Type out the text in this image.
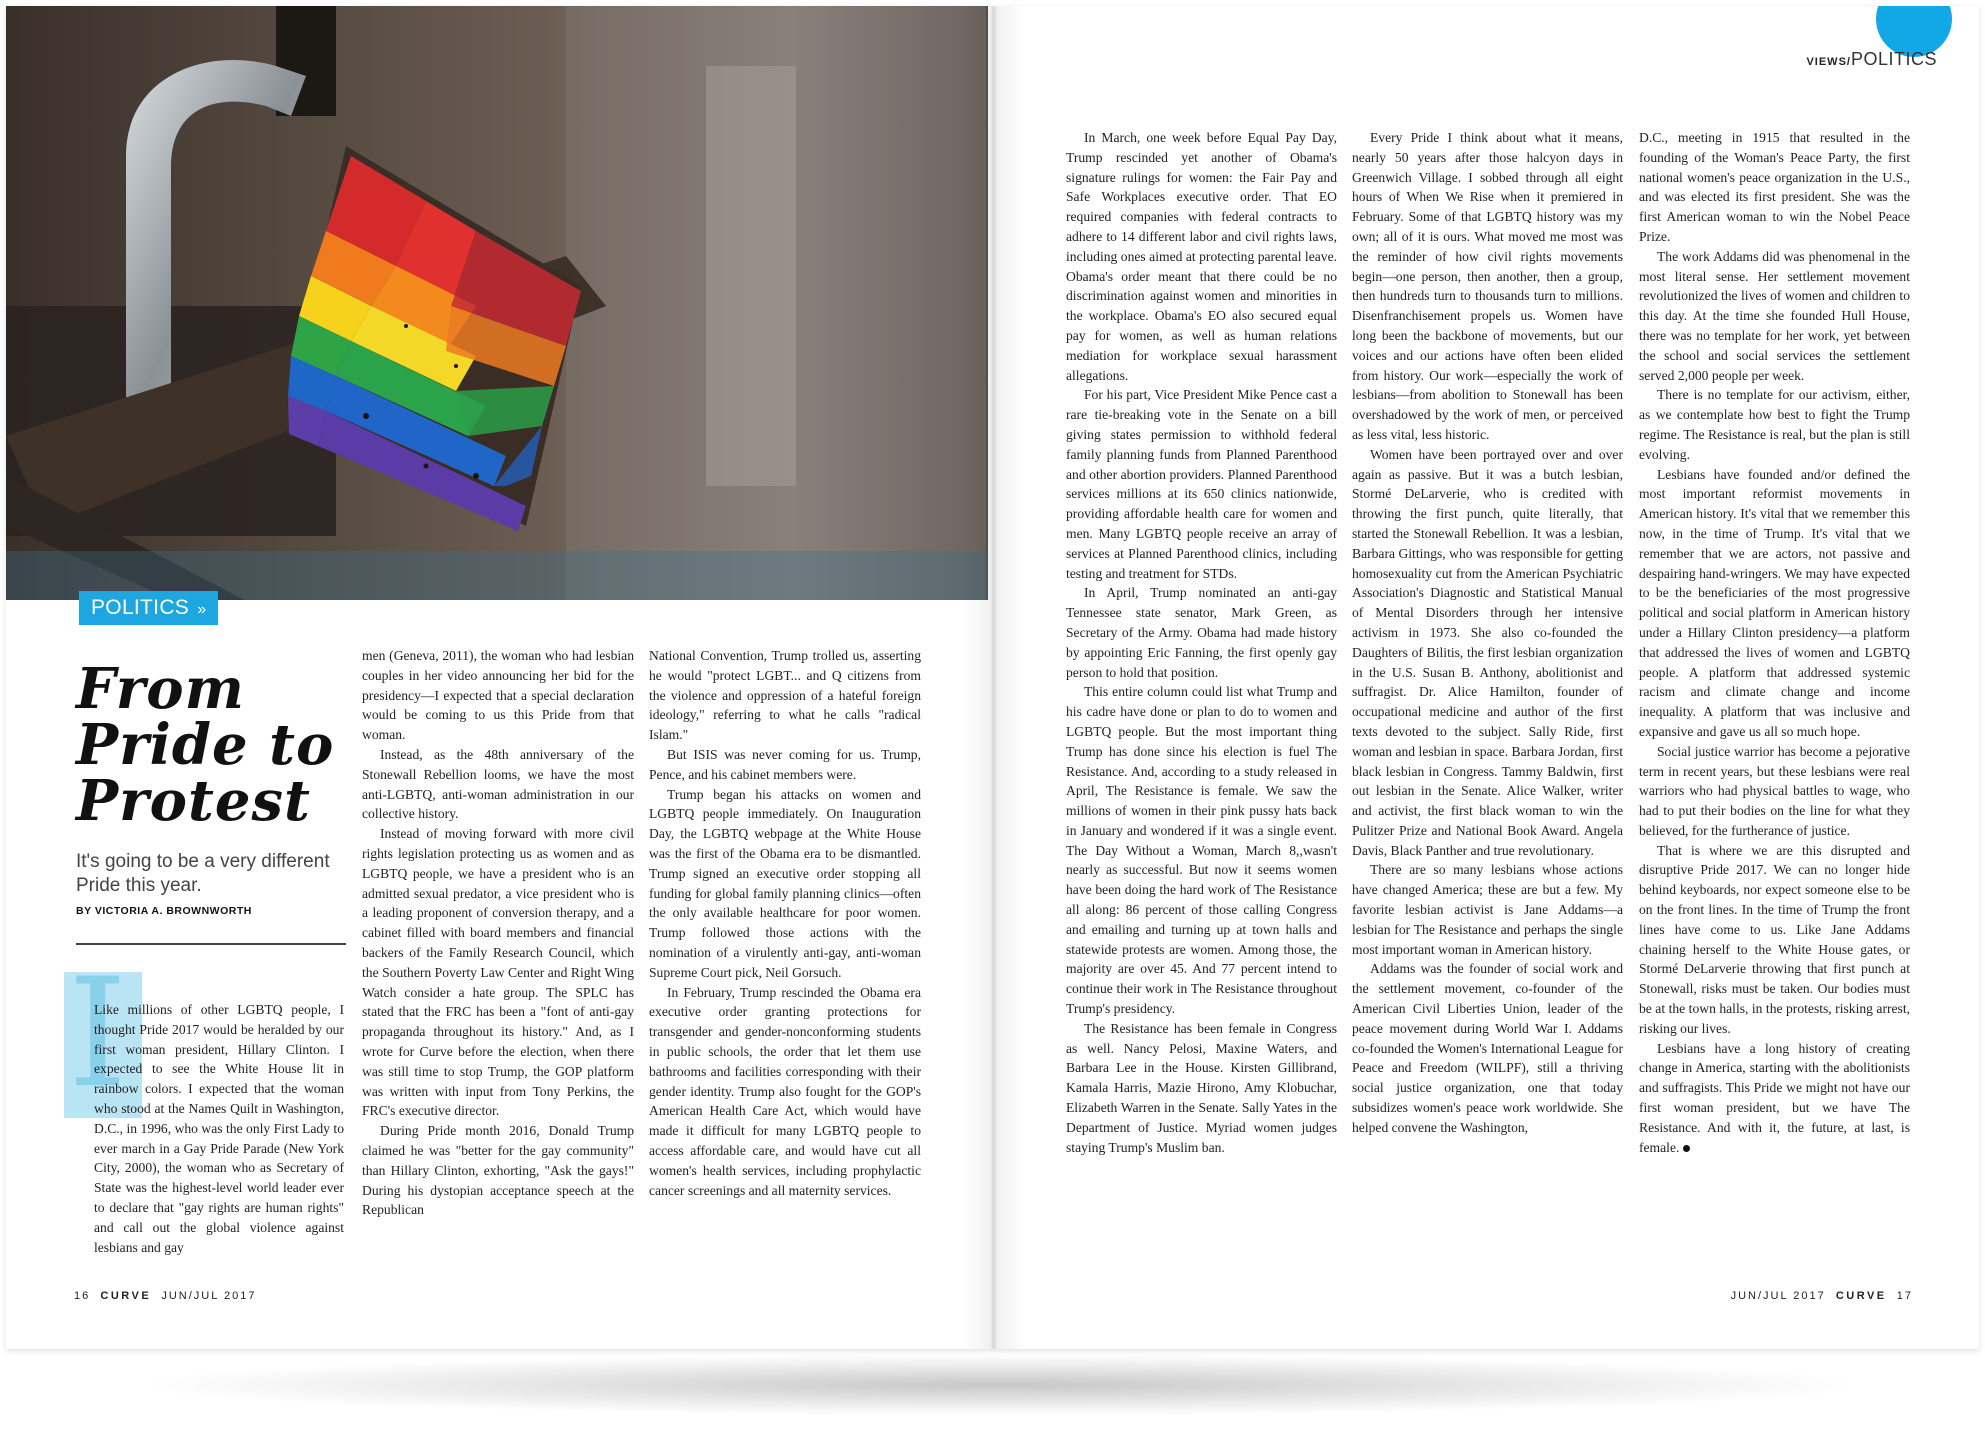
POLITICS »
From
Pride to
Protest
It's going to be a very different Pride this year.
BY VICTORIA A. BROWNWORTH
I

Like millions of other LGBTQ people, I thought Pride 2017 would be heralded by our first woman president, Hillary Clinton. I expected to see the White House lit in rainbow colors. I expected that the woman who stood at the Names Quilt in Washington, D.C., in 1996, who was the only First Lady to ever march in a Gay Pride Parade (New York City, 2000), the woman who as Secretary of State was the highest-level world leader ever to declare that "gay rights are human rights" and call out the global violence against lesbians and gay

men (Geneva, 2011), the woman who had lesbian couples in her video announcing her bid for the presidency—I expected that a special declaration would be coming to us this Pride from that woman.

Instead, as the 48th anniversary of the Stonewall Rebellion looms, we have the most anti-LGBTQ, anti-woman administration in our collective history.

Instead of moving forward with more civil rights legislation protecting us as women and as LGBTQ people, we have a president who is an admitted sexual predator, a vice president who is a leading proponent of conversion therapy, and a cabinet filled with board members and financial backers of the Family Research Council, which the Southern Poverty Law Center and Right Wing Watch consider a hate group. The SPLC has stated that the FRC has been a "font of anti-gay propaganda throughout its history." And, as I wrote for Curve before the election, when there was still time to stop Trump, the GOP platform was written with input from Tony Perkins, the FRC's executive director.

During Pride month 2016, Donald Trump claimed he was "better for the gay community" than Hillary Clinton, exhorting, "Ask the gays!" During his dystopian acceptance speech at the Republican

National Convention, Trump trolled us, asserting he would "protect LGBT... and Q citizens from the violence and oppression of a hateful foreign ideology," referring to what he calls "radical Islam."

But ISIS was never coming for us. Trump, Pence, and his cabinet members were.

Trump began his attacks on women and LGBTQ people immediately. On Inauguration Day, the LGBTQ webpage at the White House was the first of the Obama era to be dismantled. Trump signed an executive order stopping all funding for global family planning clinics—often the only available healthcare for poor women. Trump followed those actions with the nomination of a virulently anti-gay, anti-woman Supreme Court pick, Neil Gorsuch.

In February, Trump rescinded the Obama era executive order granting protections for transgender and gender-nonconforming students in public schools, the order that let them use bathrooms and facilities corresponding with their gender identity. Trump also fought for the GOP's American Health Care Act, which would have made it difficult for many LGBTQ people to access affordable care, and would have cut all women's health services, including prophylactic cancer screenings and all maternity services.

16 CURVE JUN/JUL 2017
VIEWS/POLITICS

In March, one week before Equal Pay Day, Trump rescinded yet another of Obama's signature rulings for women: the Fair Pay and Safe Workplaces executive order. That EO required companies with federal contracts to adhere to 14 different labor and civil rights laws, including ones aimed at protecting parental leave. Obama's order meant that there could be no discrimination against women and minorities in the workplace. Obama's EO also secured equal pay for women, as well as human relations mediation for workplace sexual harassment allegations.

For his part, Vice President Mike Pence cast a rare tie-breaking vote in the Senate on a bill giving states permission to withhold federal family planning funds from Planned Parenthood and other abortion providers. Planned Parenthood services millions at its 650 clinics nationwide, providing affordable health care for women and men. Many LGBTQ people receive an array of services at Planned Parenthood clinics, including testing and treatment for STDs.

In April, Trump nominated an anti-gay Tennessee state senator, Mark Green, as Secretary of the Army. Obama had made history by appointing Eric Fanning, the first openly gay person to hold that position.

This entire column could list what Trump and his cadre have done or plan to do to women and LGBTQ people. But the most important thing Trump has done since his election is fuel The Resistance. And, according to a study released in April, The Resistance is female. We saw the millions of women in their pink pussy hats back in January and wondered if it was a single event. The Day Without a Woman, March 8,,wasn't nearly as successful. But now it seems women have been doing the hard work of The Resistance all along: 86 percent of those calling Congress and emailing and turning up at town halls and statewide protests are women. Among those, the majority are over 45. And 77 percent intend to continue their work in The Resistance throughout Trump's presidency.

The Resistance has been female in Congress as well. Nancy Pelosi, Maxine Waters, and Barbara Lee in the House. Kirsten Gillibrand, Kamala Harris, Mazie Hirono, Amy Klobuchar, Elizabeth Warren in the Senate. Sally Yates in the Department of Justice. Myriad women judges staying Trump's Muslim ban.

Every Pride I think about what it means, nearly 50 years after those halcyon days in Greenwich Village. I sobbed through all eight hours of When We Rise when it premiered in February. Some of that LGBTQ history was my own; all of it is ours. What moved me most was the reminder of how civil rights movements begin—one person, then another, then a group, then hundreds turn to thousands turn to millions. Disenfranchisement propels us. Women have long been the backbone of movements, but our voices and our actions have often been elided from history. Our work—especially the work of lesbians—from abolition to Stonewall has been overshadowed by the work of men, or perceived as less vital, less historic.

Women have been portrayed over and over again as passive. But it was a butch lesbian, Stormé DeLarverie, who is credited with throwing the first punch, quite literally, that started the Stonewall Rebellion. It was a lesbian, Barbara Gittings, who was responsible for getting homosexuality cut from the American Psychiatric Association's Diagnostic and Statistical Manual of Mental Disorders through her intensive activism in 1973. She also co-founded the Daughters of Bilitis, the first lesbian organization in the U.S. Susan B. Anthony, abolitionist and suffragist. Dr. Alice Hamilton, founder of occupational medicine and author of the first texts devoted to the subject. Sally Ride, first woman and lesbian in space. Barbara Jordan, first black lesbian in Congress. Tammy Baldwin, first out lesbian in the Senate. Alice Walker, writer and activist, the first black woman to win the Pulitzer Prize and National Book Award. Angela Davis, Black Panther and true revolutionary.

There are so many lesbians whose actions have changed America; these are but a few. My favorite lesbian activist is Jane Addams—a lesbian for The Resistance and perhaps the single most important woman in American history.

Addams was the founder of social work and the settlement movement, co-founder of the American Civil Liberties Union, leader of the peace movement during World War I. Addams co-founded the Women's International League for Peace and Freedom (WILPF), still a thriving social justice organization, one that today subsidizes women's peace work worldwide. She helped convene the Washington,

D.C., meeting in 1915 that resulted in the founding of the Woman's Peace Party, the first national women's peace organization in the U.S., and was elected its first president. She was the first American woman to win the Nobel Peace Prize.

The work Addams did was phenomenal in the most literal sense. Her settlement movement revolutionized the lives of women and children to this day. At the time she founded Hull House, there was no template for her work, yet between the school and social services the settlement served 2,000 people per week.

There is no template for our activism, either, as we contemplate how best to fight the Trump regime. The Resistance is real, but the plan is still evolving.

Lesbians have founded and/or defined the most important reformist movements in American history. It's vital that we remember this now, in the time of Trump. It's vital that we remember that we are actors, not passive and despairing hand-wringers. We may have expected to be the beneficiaries of the most progressive political and social platform in American history under a Hillary Clinton presidency—a platform that addressed the lives of women and LGBTQ people. A platform that addressed systemic racism and climate change and income inequality. A platform that was inclusive and expansive and gave us all so much hope.

Social justice warrior has become a pejorative term in recent years, but these lesbians were real warriors who had physical battles to wage, who had to put their bodies on the line for what they believed, for the furtherance of justice.

That is where we are this disrupted and disruptive Pride 2017. We can no longer hide behind keyboards, nor expect someone else to be on the front lines. In the time of Trump the front lines have come to us. Like Jane Addams chaining herself to the White House gates, or Stormé DeLarverie throwing that first punch at Stonewall, risks must be taken. Our bodies must be at the town halls, in the protests, risking arrest, risking our lives.

Lesbians have a long history of creating change in America, starting with the abolitionists and suffragists. This Pride we might not have our first woman president, but we have The Resistance. And with it, the future, at last, is female.

JUN/JUL 2017 CURVE 17
